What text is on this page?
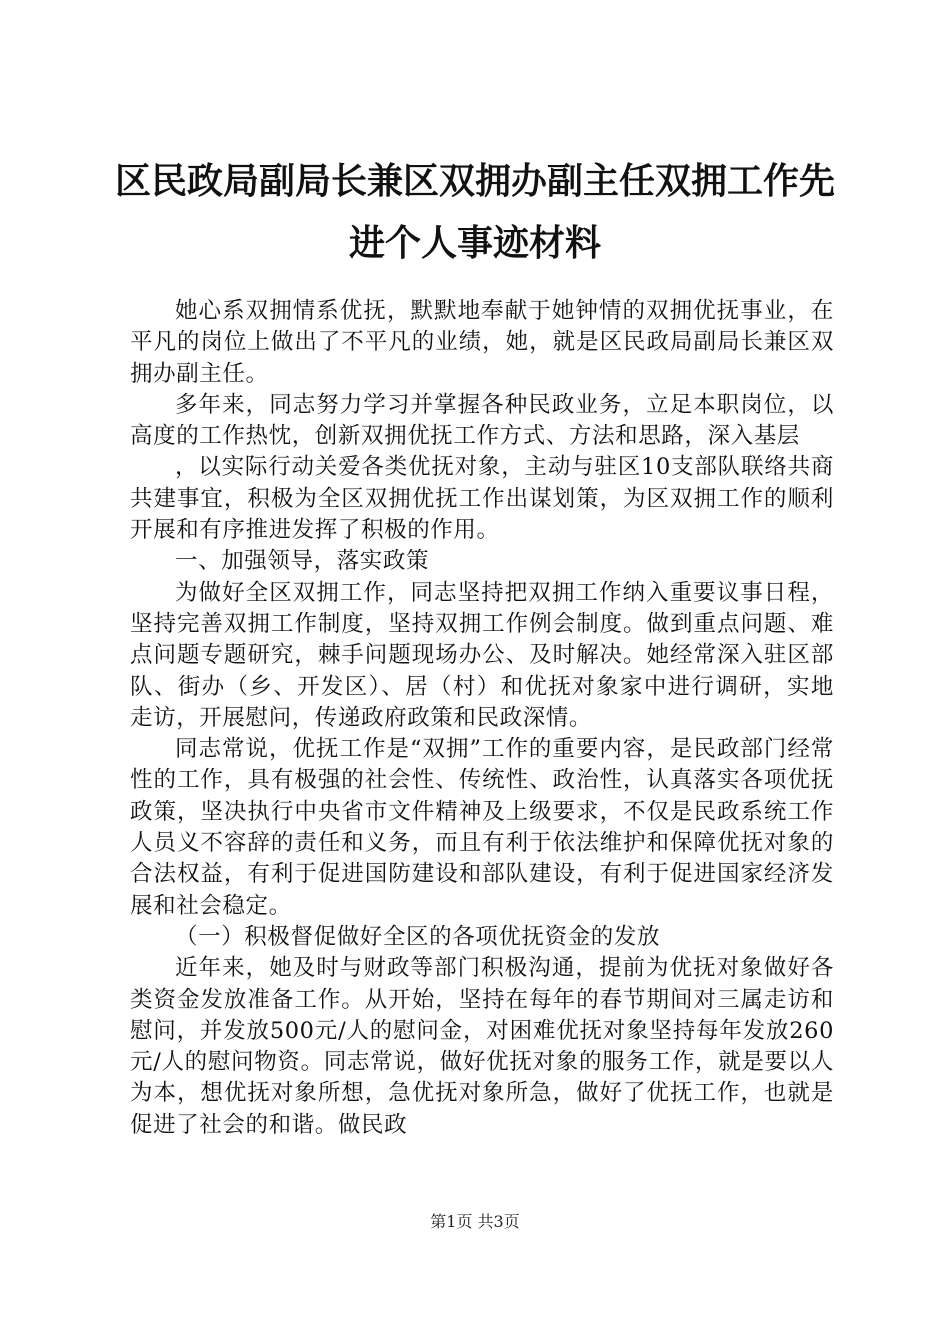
区民政局副局长兼区双拥办副主任双拥工作先
进个人事迹材料

她心系双拥情系优抚，默默地奉献于她钟情的双拥优抚事业，在平凡的岗位上做出了不平凡的业绩，她，就是区民政局副局长兼区双拥办副主任。

多年来，同志努力学习并掌握各种民政业务，立足本职岗位，以高度的工作热忱，创新双拥优抚工作方式、方法和思路，深入基层

，以实际行动关爱各类优抚对象，主动与驻区10支部队联络共商共建事宜，积极为全区双拥优抚工作出谋划策，为区双拥工作的顺利开展和有序推进发挥了积极的作用。

一、加强领导，落实政策

为做好全区双拥工作，同志坚持把双拥工作纳入重要议事日程，坚持完善双拥工作制度，坚持双拥工作例会制度。做到重点问题、难点问题专题研究，棘手问题现场办公、及时解决。她经常深入驻区部队、街办（乡、开发区）、居（村）和优抚对象家中进行调研，实地走访，开展慰问，传递政府政策和民政深情。

同志常说，优抚工作是“双拥”工作的重要内容，是民政部门经常性的工作，具有极强的社会性、传统性、政治性，认真落实各项优抚政策，坚决执行中央省市文件精神及上级要求，不仅是民政系统工作人员义不容辞的责任和义务，而且有利于依法维护和保障优抚对象的合法权益，有利于促进国防建设和部队建设，有利于促进国家经济发展和社会稳定。

（一）积极督促做好全区的各项优抚资金的发放

近年来，她及时与财政等部门积极沟通，提前为优抚对象做好各类资金发放准备工作。从开始，坚持在每年的春节期间对三属走访和慰问，并发放500元/人的慰问金，对困难优抚对象坚持每年发放260元/人的慰问物资。同志常说，做好优抚对象的服务工作，就是要以人为本，想优抚对象所想，急优抚对象所急，做好了优抚工作，也就是促进了社会的和谐。做民政

第1页 共3页
